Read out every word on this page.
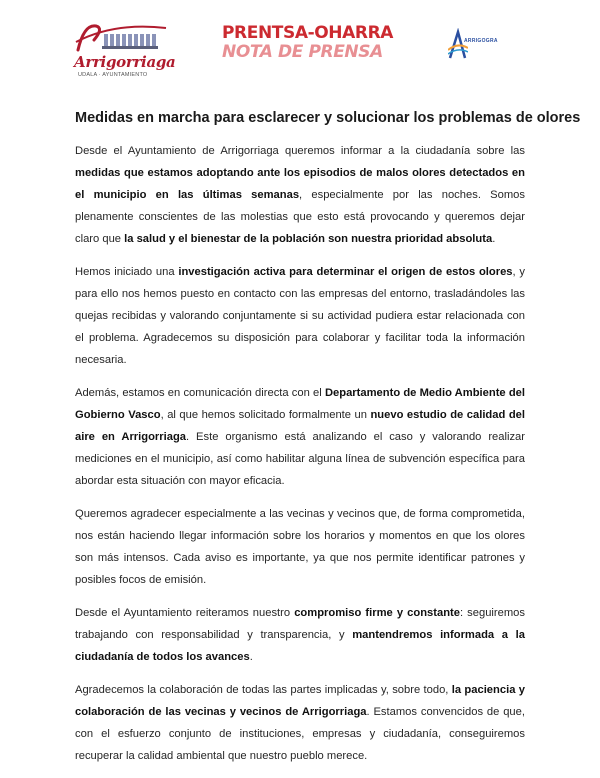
Arrigorriaga
UDALA · AYUNTAMIENTO
PRENTSA-OHARRA
NOTA DE PRENSA
ARRIGOGRA
Medidas en marcha para esclarecer y solucionar los problemas de olores

Desde el Ayuntamiento de Arrigorriaga queremos informar a la ciudadanía sobre las medidas que estamos adoptando ante los episodios de malos olores detectados en el municipio en las últimas semanas, especialmente por las noches. Somos plenamente conscientes de las molestias que esto está provocando y queremos dejar claro que la salud y el bienestar de la población son nuestra prioridad absoluta.

Hemos iniciado una investigación activa para determinar el origen de estos olores, y para ello nos hemos puesto en contacto con las empresas del entorno, trasladándoles las quejas recibidas y valorando conjuntamente si su actividad pudiera estar relacionada con el problema. Agradecemos su disposición para colaborar y facilitar toda la información necesaria.

Además, estamos en comunicación directa con el Departamento de Medio Ambiente del Gobierno Vasco, al que hemos solicitado formalmente un nuevo estudio de calidad del aire en Arrigorriaga. Este organismo está analizando el caso y valorando realizar mediciones en el municipio, así como habilitar alguna línea de subvención específica para abordar esta situación con mayor eficacia.

Queremos agradecer especialmente a las vecinas y vecinos que, de forma comprometida, nos están haciendo llegar información sobre los horarios y momentos en que los olores son más intensos. Cada aviso es importante, ya que nos permite identificar patrones y posibles focos de emisión.

Desde el Ayuntamiento reiteramos nuestro compromiso firme y constante: seguiremos trabajando con responsabilidad y transparencia, y mantendremos informada a la ciudadanía de todos los avances.

Agradecemos la colaboración de todas las partes implicadas y, sobre todo, la paciencia y colaboración de las vecinas y vecinos de Arrigorriaga. Estamos convencidos de que, con el esfuerzo conjunto de instituciones, empresas y ciudadanía, conseguiremos recuperar la calidad ambiental que nuestro pueblo merece.
